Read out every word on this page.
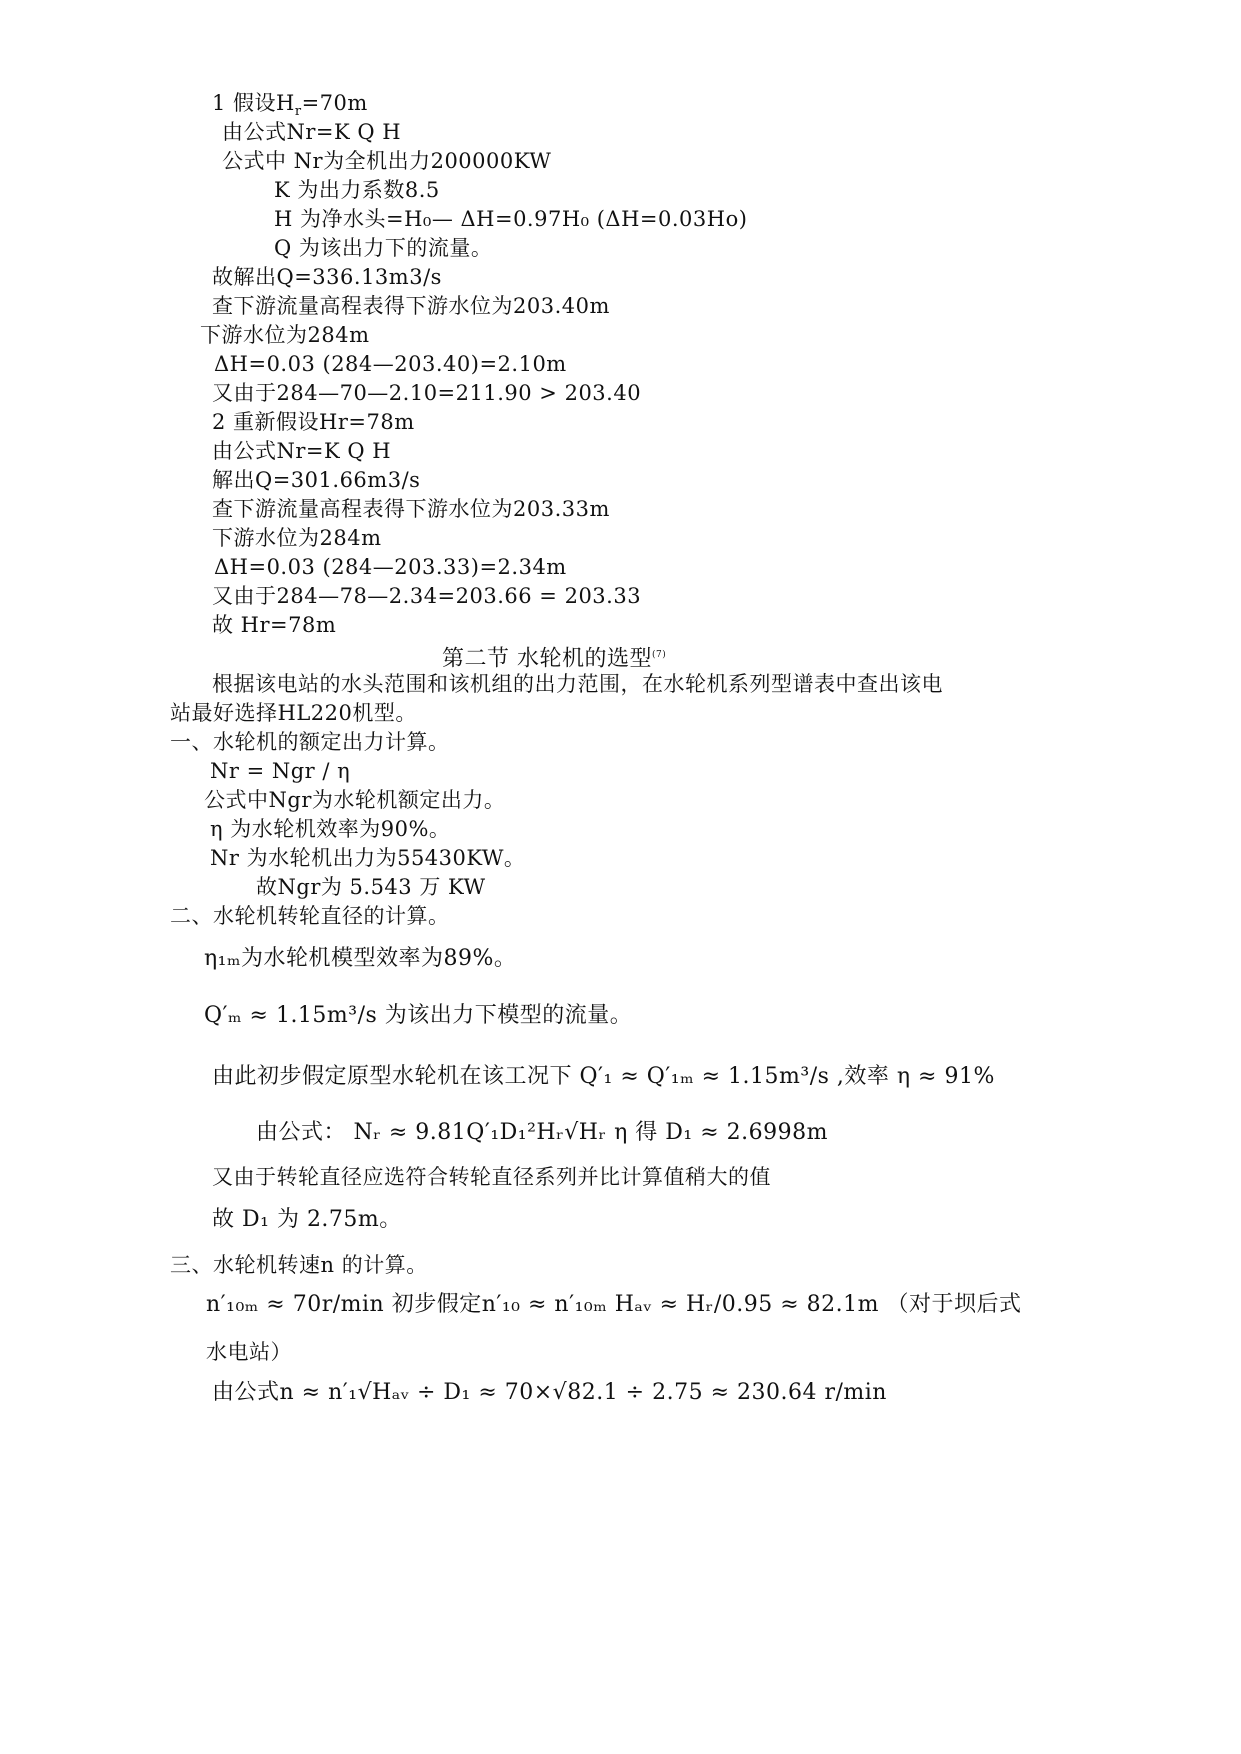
1 假设$H_r=70m$
由公式Nr=K Q H
公式中 Nr为全机出力200000KW
K 为出力系数8.5
H 为净水头=H₀— ΔH=0.97H₀ (ΔH=0.03Ho)
Q 为该出力下的流量。
故解出Q=336.13m3/s
查下游流量高程表得下游水位为203.40m
下游水位为284m
ΔH=0.03 (284—203.40)=2.10m
又由于284—70—2.10=211.90 > 203.40
2 重新假设Hr=78m
由公式Nr=K Q H
解出Q=301.66m3/s
查下游流量高程表得下游水位为203.33m
下游水位为284m
ΔH=0.03 (284—203.33)=2.34m
又由于284—78—2.34=203.66 = 203.33
故 Hr=78m
第二节 水轮机的选型$^{(7)}$
根据该电站的水头范围和该机组的出力范围，在水轮机系列型谱表中查出该电
站最好选择HL220机型。
一、水轮机的额定出力计算。
Nr = Ngr / η
公式中Ngr为水轮机额定出力。
η 为水轮机效率为90%。
Nr 为水轮机出力为55430KW。
故Ngr为 5.543 万 KW
二、水轮机转轮直径的计算。
η₁ₘ为水轮机模型效率为89%。
Q′ₘ ≈ 1.15m³/s 为该出力下模型的流量。
由此初步假定原型水轮机在该工况下 Q′₁ ≈ Q′₁ₘ ≈ 1.15m³/s ,效率 η ≈ 91%
由公式： Nᵣ ≈ 9.81Q′₁D₁²Hᵣ√Hᵣ η 得 D₁ ≈ 2.6998m
又由于转轮直径应选符合转轮直径系列并比计算值稍大的值
故 D₁ 为 2.75m。
三、水轮机转速n 的计算。
n′₁₀ₘ ≈ 70r/min 初步假定n′₁₀ ≈ n′₁₀ₘ Hₐᵥ ≈ Hᵣ/0.95 ≈ 82.1m （对于坝后式
水电站）
由公式n ≈ n′₁√Hₐᵥ ÷ D₁ ≈ 70×√82.1 ÷ 2.75 ≈ 230.64 r/min
